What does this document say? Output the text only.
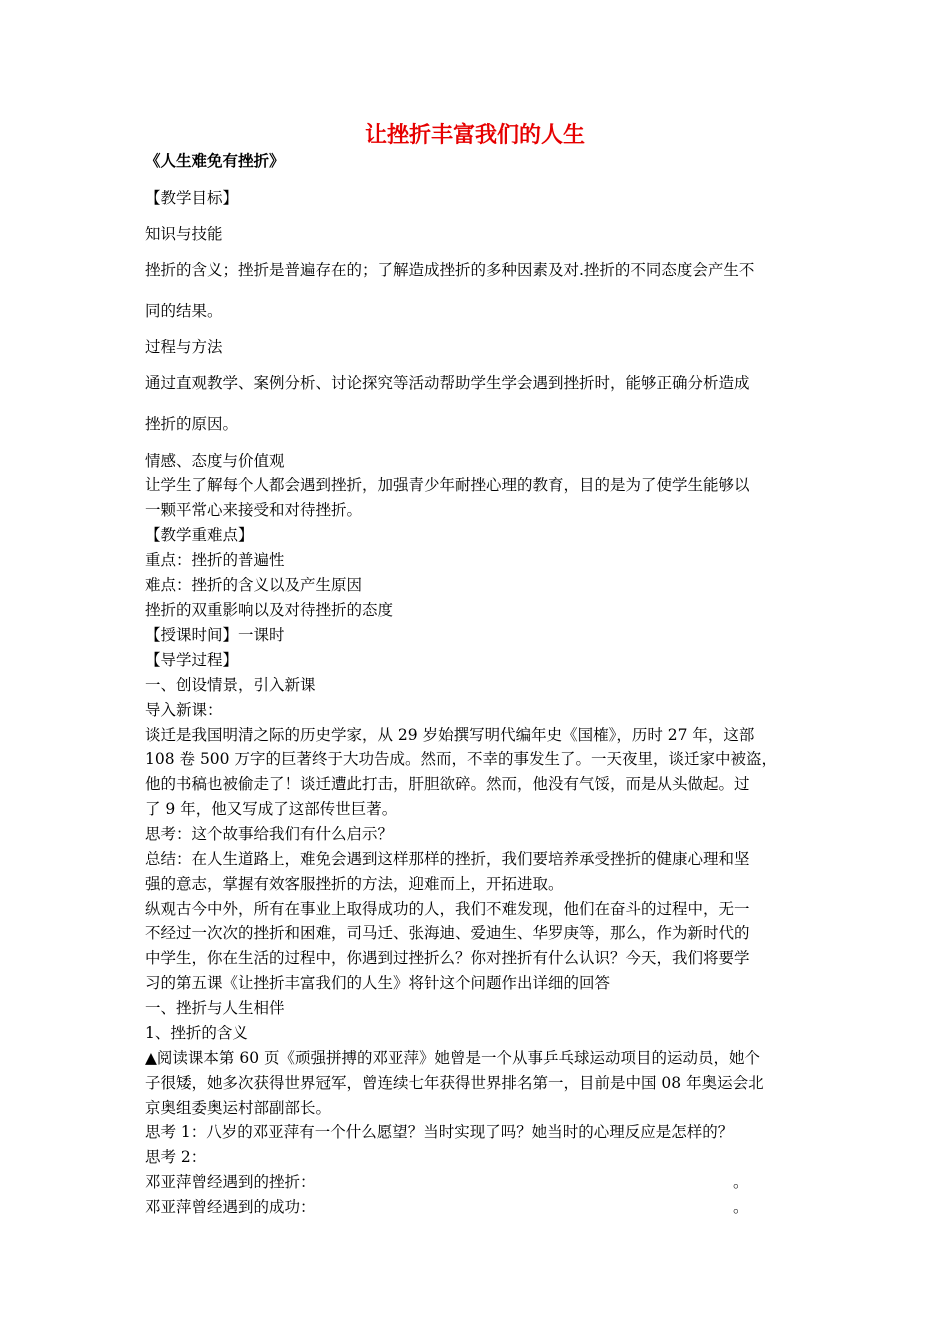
让挫折丰富我们的人生
《人生难免有挫折》
【教学目标】
知识与技能
挫折的含义；挫折是普遍存在的；了解造成挫折的多种因素及对.挫折的不同态度会产生不
同的结果。
过程与方法
通过直观教学、案例分析、讨论探究等活动帮助学生学会遇到挫折时，能够正确分析造成
挫折的原因。
情感、态度与价值观
让学生了解每个人都会遇到挫折，加强青少年耐挫心理的教育，目的是为了使学生能够以
一颗平常心来接受和对待挫折。
【教学重难点】
重点：挫折的普遍性
难点：挫折的含义以及产生原因
挫折的双重影响以及对待挫折的态度
【授课时间】一课时
【导学过程】
一、创设情景，引入新课
导入新课：
谈迁是我国明清之际的历史学家，从 29 岁始撰写明代编年史《国榷》，历时 27 年，这部
108 卷 500 万字的巨著终于大功告成。然而，不幸的事发生了。一天夜里，谈迁家中被盗，
他的书稿也被偷走了！谈迁遭此打击，肝胆欲碎。然而，他没有气馁，而是从头做起。过
了 9 年，他又写成了这部传世巨著。
思考：这个故事给我们有什么启示？
总结：在人生道路上，难免会遇到这样那样的挫折，我们要培养承受挫折的健康心理和坚
强的意志，掌握有效客服挫折的方法，迎难而上，开拓进取。
纵观古今中外，所有在事业上取得成功的人，我们不难发现，他们在奋斗的过程中，无一
不经过一次次的挫折和困难，司马迁、张海迪、爱迪生、华罗庚等，那么，作为新时代的
中学生，你在生活的过程中，你遇到过挫折么？你对挫折有什么认识？今天，我们将要学
习的第五课《让挫折丰富我们的人生》将针这个问题作出详细的回答
一、挫折与人生相伴
1、挫折的含义
▲阅读课本第 60 页《顽强拼搏的邓亚萍》她曾是一个从事乒乓球运动项目的运动员，她个
子很矮，她多次获得世界冠军，曾连续七年获得世界排名第一，目前是中国 08 年奥运会北
京奥组委奥运村部副部长。
思考 1：八岁的邓亚萍有一个什么愿望？当时实现了吗？她当时的心理反应是怎样的？
思考 2：
邓亚萍曾经遇到的挫折：	。
邓亚萍曾经遇到的成功：	。
